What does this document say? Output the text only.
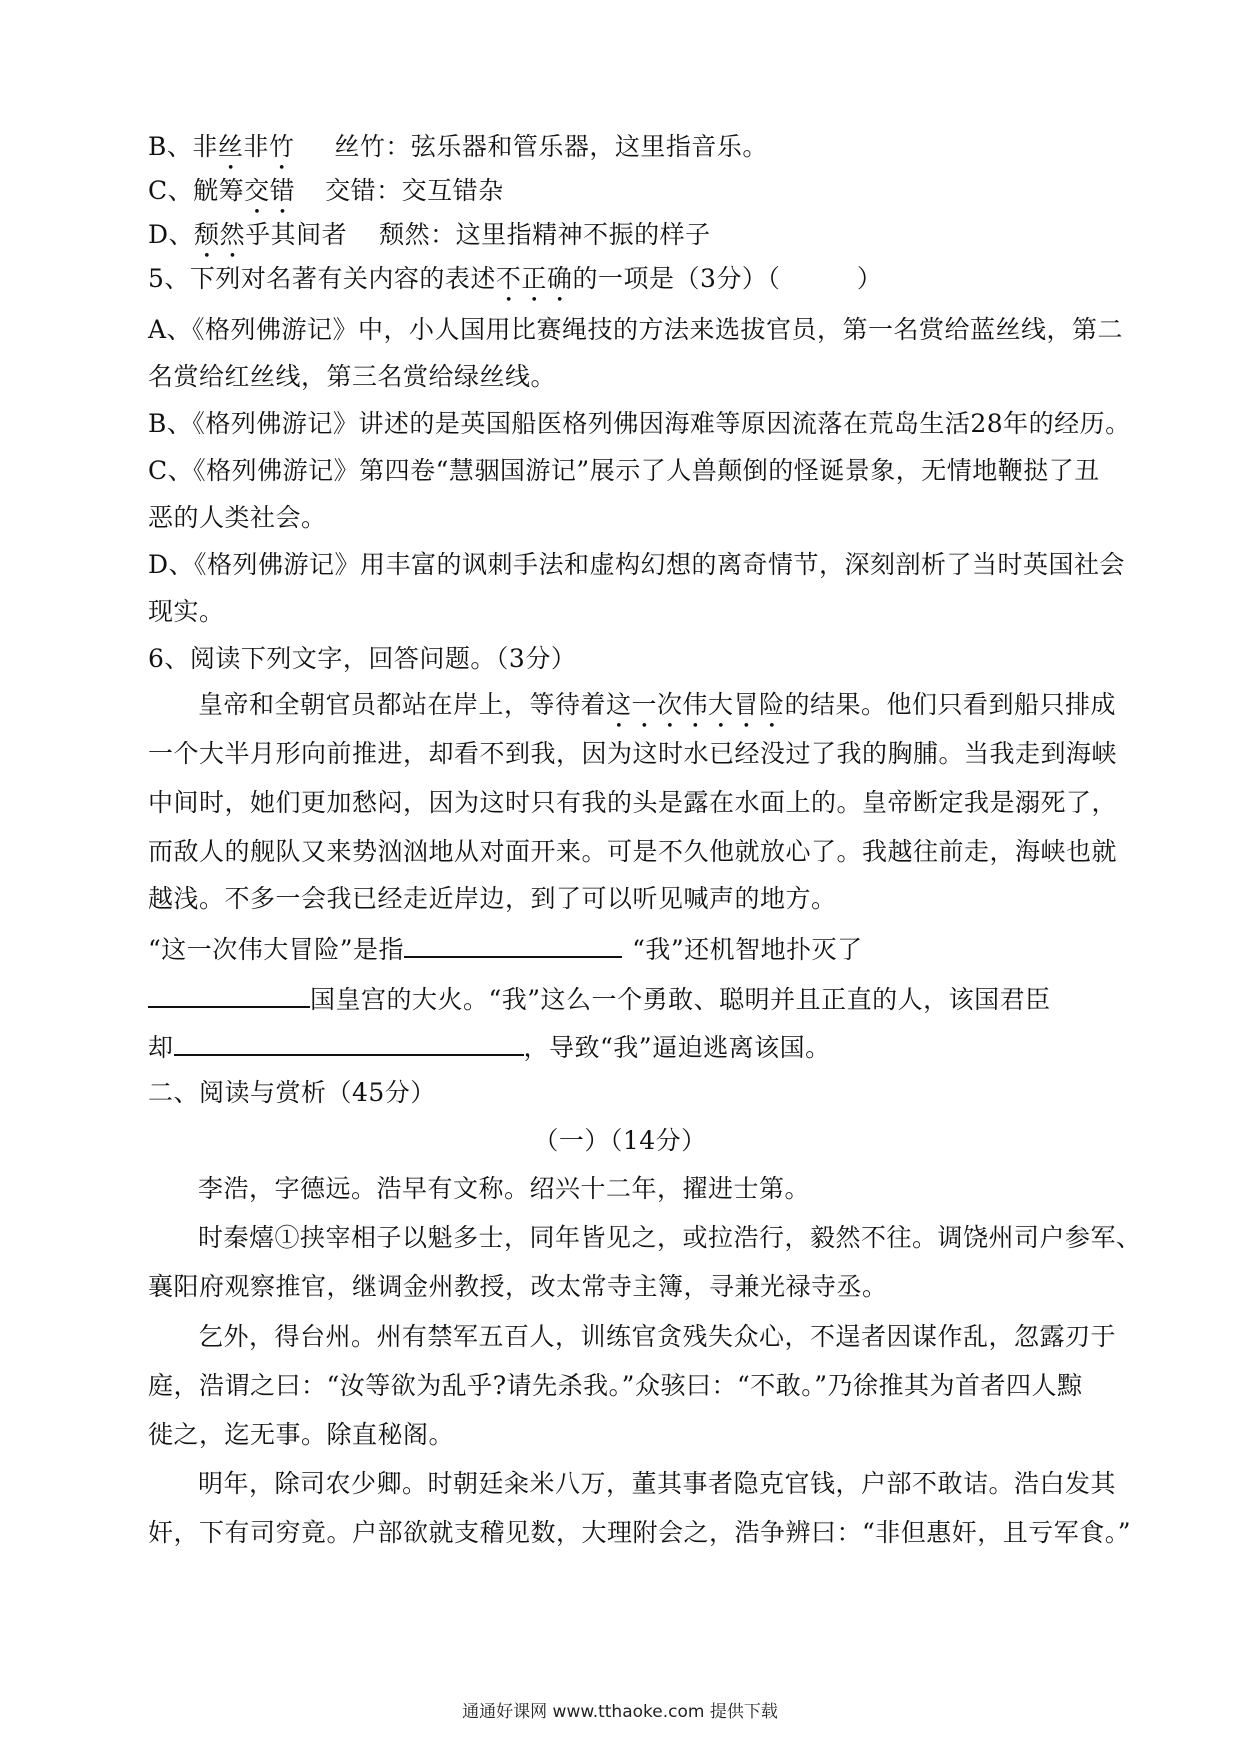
B、非丝非竹 丝竹：弦乐器和管乐器，这里指音乐。
C、觥筹交错 交错：交互错杂
D、颓然乎其间者 颓然：这里指精神不振的样子
5、下列对名著有关内容的表述不正确的一项是（3分）（　　　）
A、《格列佛游记》中，小人国用比赛绳技的方法来选拔官员，第一名赏给蓝丝线，第二
名赏给红丝线，第三名赏给绿丝线。
B、《格列佛游记》讲述的是英国船医格列佛因海难等原因流落在荒岛生活28年的经历。
C、《格列佛游记》第四卷“慧骃国游记”展示了人兽颠倒的怪诞景象，无情地鞭挞了丑
恶的人类社会。
D、《格列佛游记》用丰富的讽刺手法和虚构幻想的离奇情节，深刻剖析了当时英国社会
现实。
6、阅读下列文字，回答问题。（3分）
皇帝和全朝官员都站在岸上，等待着这一次伟大冒险的结果。他们只看到船只排成
一个大半月形向前推进，却看不到我，因为这时水已经没过了我的胸脯。当我走到海峡
中间时，她们更加愁闷，因为这时只有我的头是露在水面上的。皇帝断定我是溺死了，
而敌人的舰队又来势汹汹地从对面开来。可是不久他就放心了。我越往前走，海峡也就
越浅。不多一会我已经走近岸边，到了可以听见喊声的地方。
“这一次伟大冒险”是指	“我”还机智地扑灭了
国皇宫的大火。“我”这么一个勇敢、聪明并且正直的人，该国君臣
却	，导致“我”逼迫逃离该国。
二、阅读与赏析（45分）
（一）（14分）
李浩，字德远。浩早有文称。绍兴十二年，擢进士第。
时秦熺①挟宰相子以魁多士，同年皆见之，或拉浩行，毅然不往。调饶州司户参军、
襄阳府观察推官，继调金州教授，改太常寺主簿，寻兼光禄寺丞。
乞外，得台州。州有禁军五百人，训练官贪残失众心，不逞者因谋作乱，忽露刃于
庭，浩谓之曰：“汝等欲为乱乎?请先杀我。”众骇曰：“不敢。”乃徐推其为首者四人黥
徙之，迄无事。除直秘阁。
明年，除司农少卿。时朝廷籴米八万，董其事者隐克官钱，户部不敢诘。浩白发其
奸，下有司穷竟。户部欲就支稽见数，大理附会之，浩争辨曰：“非但惠奸，且亏军食。”
通通好课网 www.tthaoke.com 提供下载
